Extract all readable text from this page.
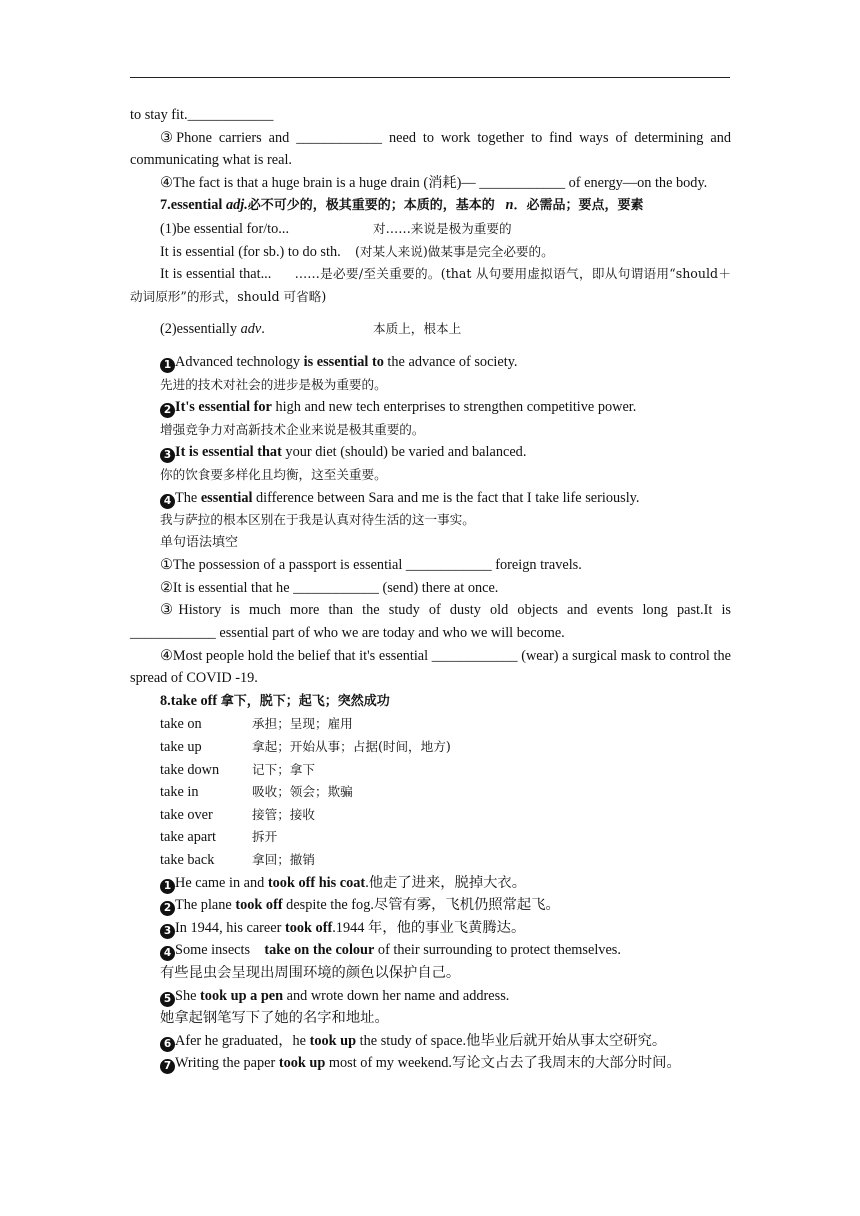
to stay fit.____________

③Phone carriers and ____________ need to work together to find ways of determining and communicating what is real.

④The fact is that a huge brain is a huge drain (消耗)— ____________ of energy—on the body.

7.essential adj.必不可少的，极其重要的；本质的，基本的 n．必需品；要点，要素

(1)be essential for/to...	对……来说是极为重要的

It is essential (for sb.) to do sth. (对某人来说)做某事是完全必要的。

It is essential that... ……是必要/至关重要的。(that 从句要用虚拟语气，即从句谓语用“should＋动词原形”的形式，should 可省略)

(2)essentially adv.	本质上，根本上

1 Advanced technology is essential to the advance of society.

先进的技术对社会的进步是极为重要的。

2 It's essential for high and new tech enterprises to strengthen competitive power.

增强竞争力对高新技术企业来说是极其重要的。

3 It is essential that your diet (should) be varied and balanced.

你的饮食要多样化且均衡，这至关重要。

4 The essential difference between Sara and me is the fact that I take life seriously.

我与萨拉的根本区别在于我是认真对待生活的这一事实。

单句语法填空

①The possession of a passport is essential ____________ foreign travels.

②It is essential that he ____________ (send) there at once.

③History is much more than the study of dusty old objects and events long past.It is ____________ essential part of who we are today and who we will become.

④Most people hold the belief that it's essential ____________ (wear) a surgical mask to control the spread of COVID -19.

8.take off 拿下，脱下；起飞；突然成功

take on	承担；呈现；雇用

take up	拿起；开始从事；占据(时间，地方)

take down	记下；拿下

take in	吸收；领会；欺骗

take over	接管；接收

take apart	拆开

take back	拿回；撤销

1 He came in and took off his coat.他走了进来，脱掉大衣。

2 The plane took off despite the fog.尽管有雾，飞机仍照常起飞。

3 In 1944, his career took off.1944 年，他的事业飞黄腾达。

4 Some insects　take on the colour of their surrounding to protect themselves.

有些昆虫会呈现出周围环境的颜色以保护自己。

5 She took up a pen and wrote down her name and address.

她拿起钢笔写下了她的名字和地址。

6 Afer he graduated，he took up the study of space.他毕业后就开始从事太空研究。

7 Writing the paper took up most of my weekend.写论文占去了我周末的大部分时间。
